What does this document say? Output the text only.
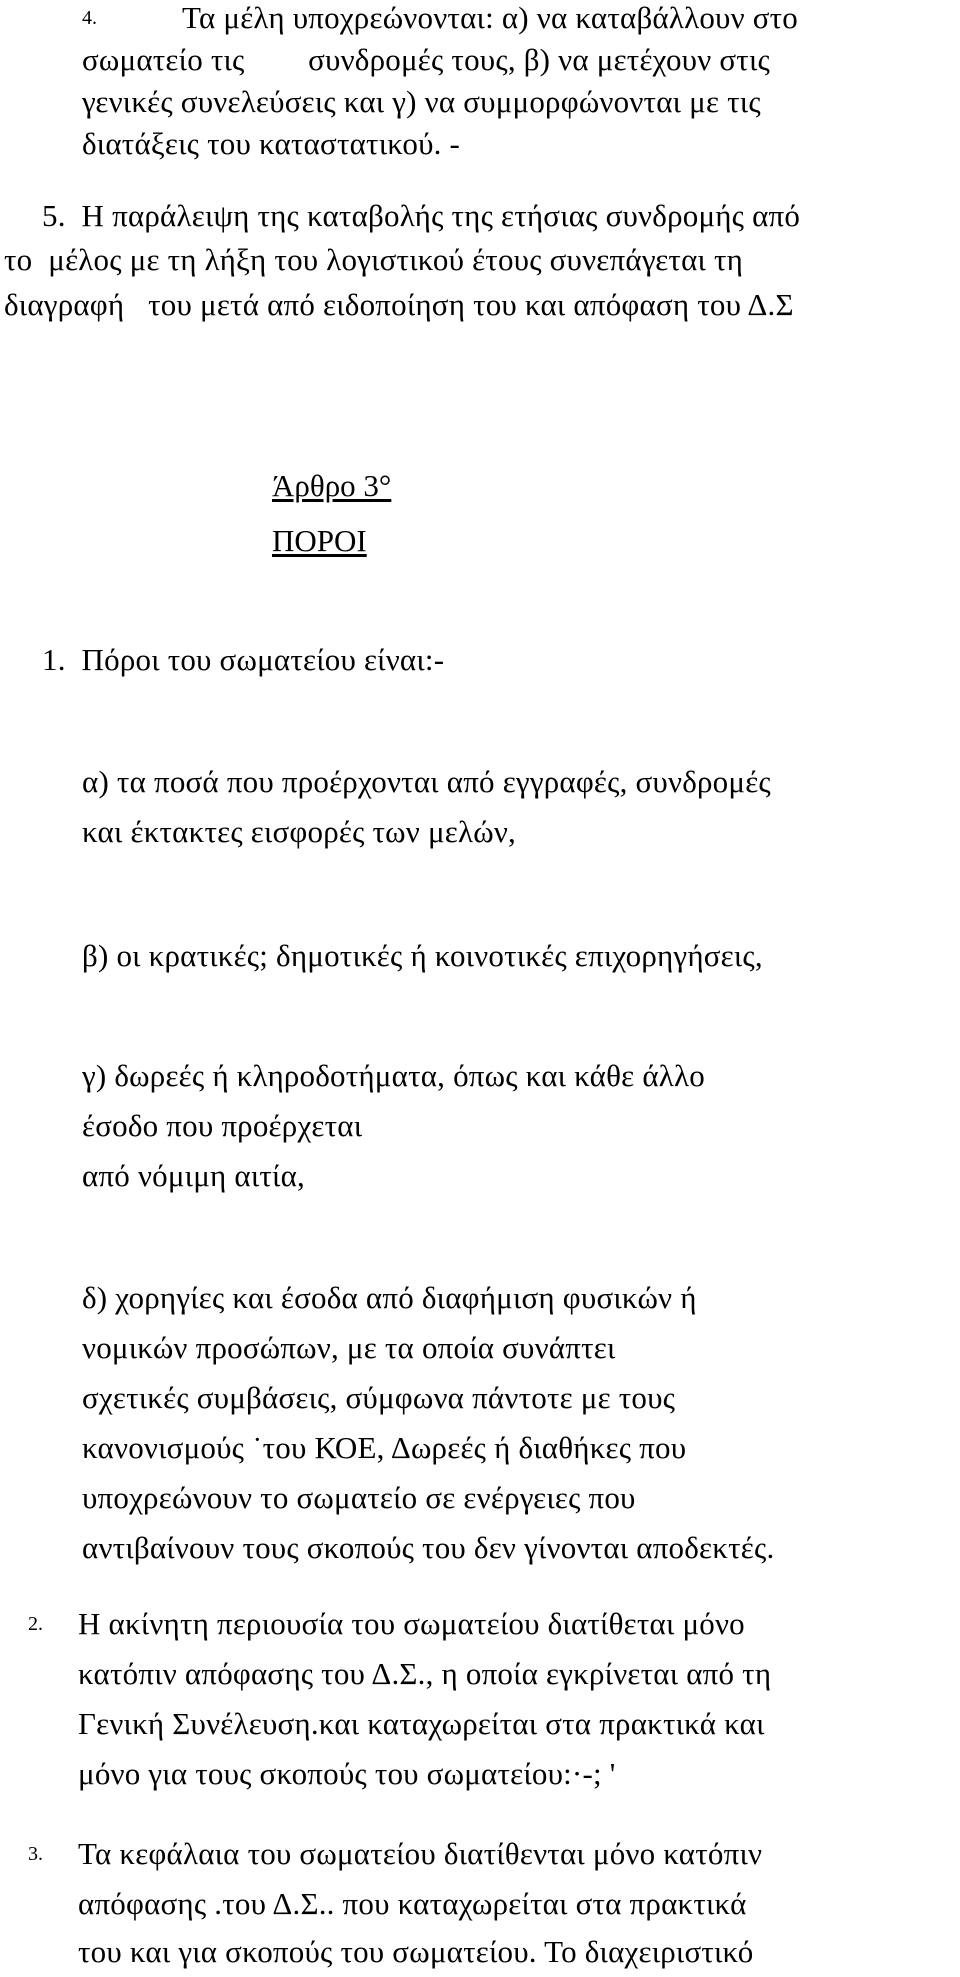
4.	Τα μέλη υποχρεώνονται: α) να καταβάλλουν στο
σωματείο τις        συνδρομές τους, β) να μετέχουν στις
γενικές συνελεύσεις και γ) να συμμορφώνονται με τις
διατάξεις του καταστατικού. -
5.  Η παράλειψη της καταβολής της ετήσιας συνδρομής από
το  μέλος με τη λήξη του λογιστικού έτους συνεπάγεται τη
διαγραφή   του μετά από ειδοποίηση του και απόφαση του Δ.Σ
Άρθρο 3°
ΠΟΡΟΙ
1.  Πόροι του σωματείου είναι:-
α) τα ποσά που προέρχονται από εγγραφές, συνδρομές
και έκτακτες εισφορές των μελών,
β) οι κρατικές; δημοτικές ή κοινοτικές επιχορηγήσεις,
γ) δωρεές ή κληροδοτήματα, όπως και κάθε άλλο
έσοδο που προέρχεται
από νόμιμη αιτία,
δ) χορηγίες και έσοδα από διαφήμιση φυσικών ή
νομικών προσώπων, με τα οποία συνάπτει
σχετικές συμβάσεις, σύμφωνα πάντοτε με τους
κανονισμούς ˙του ΚΟΕ, Δωρεές ή διαθήκες που
υποχρεώνουν το σωματείο σε ενέργειες που
αντιβαίνουν τους σκοπούς του δεν γίνονται αποδεκτές.
2. Η ακίνητη περιουσία του σωματείου διατίθεται μόνο
κατόπιν απόφασης του Δ.Σ., η οποία εγκρίνεται από τη
Γενική Συνέλευση.και καταχωρείται στα πρακτικά και
μόνο για τους σκοπούς του σωματείου:·-; '
3. Τα κεφάλαια του σωματείου διατίθενται μόνο κατόπιν
απόφασης .του Δ.Σ.. που καταχωρείται στα πρακτικά
του και για σκοπούς του σωματείου. Το διαχειριστικό
